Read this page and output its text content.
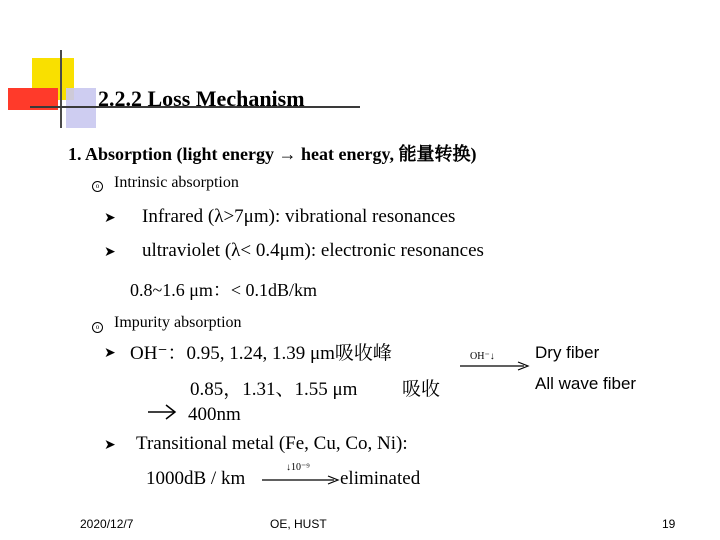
2.2.2 Loss Mechanism
1. Absorption (light energy → heat energy, 能量转换)
o Intrinsic absorption
➤ Infrared (λ>7μm): vibrational resonances
➤ ultraviolet (λ< 0.4μm): electronic resonances
0.8~1.6 μm：< 0.1dB/km
o Impurity absorption
➤ OH⁻：0.95, 1.24, 1.39 μm吸收峰
0.85，1.31、1.55 μm 吸收
OH⁻↓ Dry fiber
All wave fiber
400nm
➤ Transitional metal (Fe, Cu, Co, Ni):
1000dB / km
↓10⁻⁹
eliminated
2020/12/7	OE, HUST	19
